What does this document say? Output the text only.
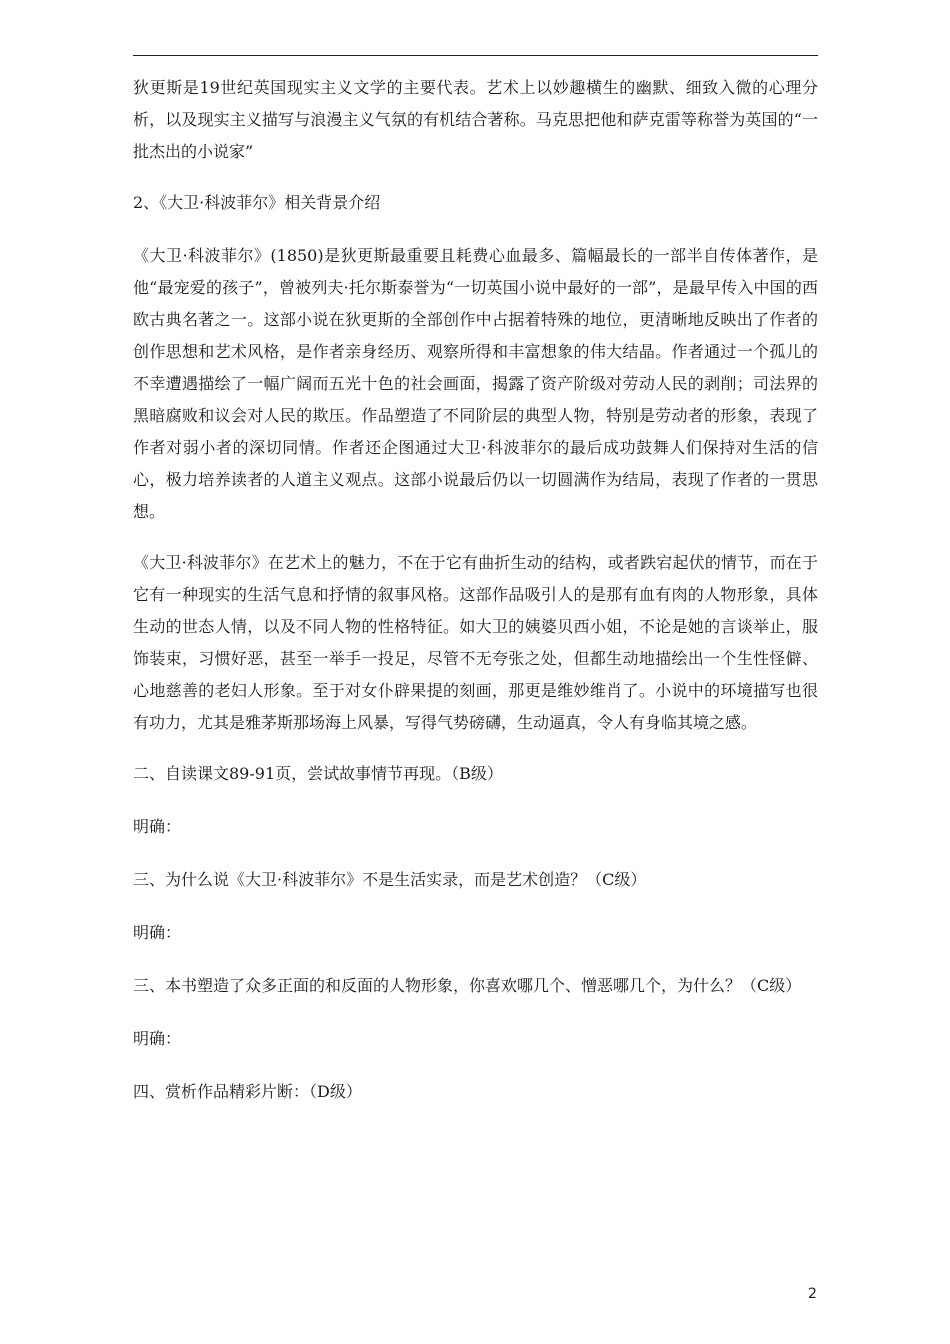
狄更斯是19世纪英国现实主义文学的主要代表。艺术上以妙趣横生的幽默、细致入微的心理分析，以及现实主义描写与浪漫主义气氛的有机结合著称。马克思把他和萨克雷等称誉为英国的“一批杰出的小说家”

2、《大卫·科波菲尔》相关背景介绍

《大卫·科波菲尔》(1850)是狄更斯最重要且耗费心血最多、篇幅最长的一部半自传体著作，是他“最宠爱的孩子”，曾被列夫·托尔斯泰誉为“一切英国小说中最好的一部”，是最早传入中国的西欧古典名著之一。这部小说在狄更斯的全部创作中占据着特殊的地位，更清晰地反映出了作者的创作思想和艺术风格，是作者亲身经历、观察所得和丰富想象的伟大结晶。作者通过一个孤儿的不幸遭遇描绘了一幅广阔而五光十色的社会画面，揭露了资产阶级对劳动人民的剥削；司法界的黑暗腐败和议会对人民的欺压。作品塑造了不同阶层的典型人物，特别是劳动者的形象，表现了作者对弱小者的深切同情。作者还企图通过大卫·科波菲尔的最后成功鼓舞人们保持对生活的信心，极力培养读者的人道主义观点。这部小说最后仍以一切圆满作为结局，表现了作者的一贯思想。

《大卫·科波菲尔》在艺术上的魅力，不在于它有曲折生动的结构，或者跌宕起伏的情节，而在于它有一种现实的生活气息和抒情的叙事风格。这部作品吸引人的是那有血有肉的人物形象，具体生动的世态人情，以及不同人物的性格特征。如大卫的姨婆贝西小姐，不论是她的言谈举止，服饰装束，习惯好恶，甚至一举手一投足，尽管不无夸张之处，但都生动地描绘出一个生性怪僻、心地慈善的老妇人形象。至于对女仆辟果提的刻画，那更是维妙维肖了。小说中的环境描写也很有功力，尤其是雅茅斯那场海上风暴，写得气势磅礴，生动逼真，令人有身临其境之感。

二、自读课文89-91页，尝试故事情节再现。（B级）

明确：

三、为什么说《大卫·科波菲尔》不是生活实录，而是艺术创造？（C级）

明确：

三、本书塑造了众多正面的和反面的人物形象，你喜欢哪几个、憎恶哪几个，为什么？（C级）

明确：

四、赏析作品精彩片断：（D级）

2
